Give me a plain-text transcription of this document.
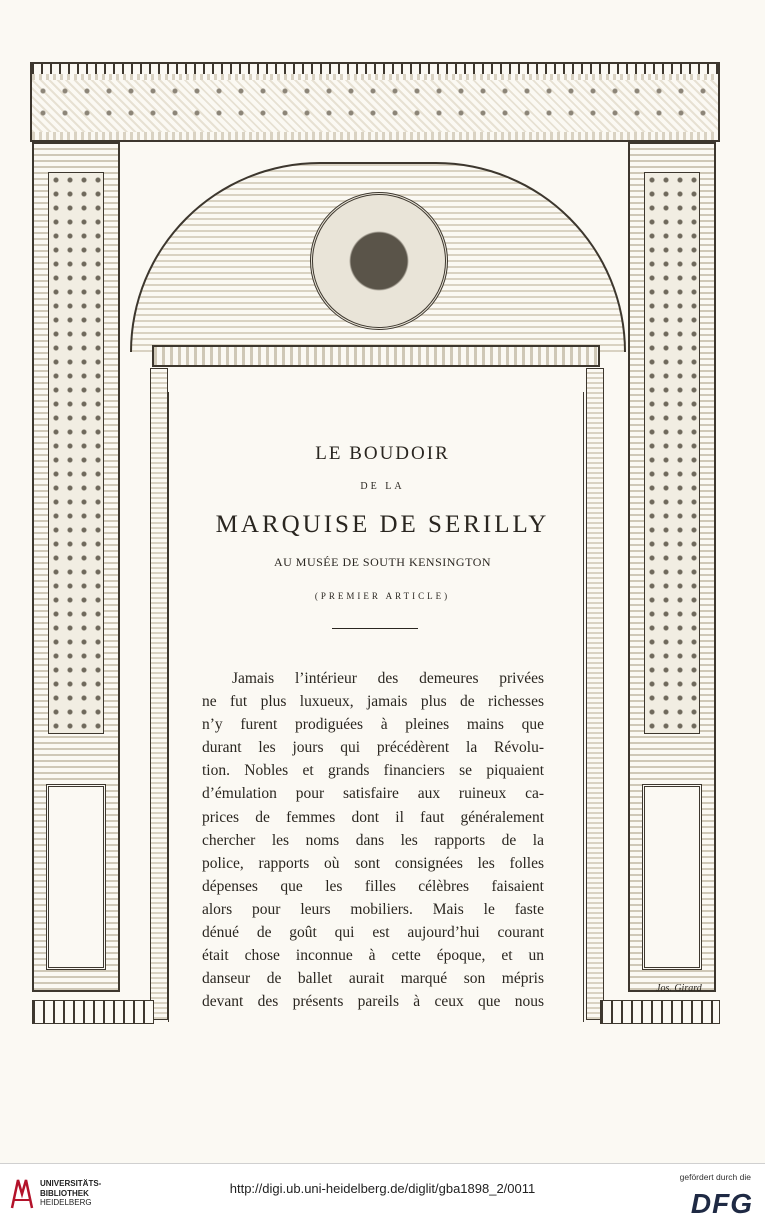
Jos. Girard
LE BOUDOIR
DE LA
MARQUISE DE SERILLY
AU MUSÉE DE SOUTH KENSINGTON
(PREMIER ARTICLE)
Jamais l’intérieur des demeures privées
ne fut plus luxueux, jamais plus de richesses
n’y furent prodiguées à pleines mains que
durant les jours qui précédèrent la Révolu-
tion. Nobles et grands financiers se piquaient
d’émulation pour satisfaire aux ruineux ca-
prices de femmes dont il faut généralement
chercher les noms dans les rapports de la
police, rapports où sont consignées les folles
dépenses que les filles célèbres faisaient
alors pour leurs mobiliers. Mais le faste
dénué de goût qui est aujourd’hui courant
était chose inconnue à cette époque, et un
danseur de ballet aurait marqué son mépris
devant des présents pareils à ceux que nous
UNIVERSITÄTS-
BIBLIOTHEK
HEIDELBERG
http://digi.ub.uni-heidelberg.de/diglit/gba1898_2/0011
gefördert durch die
DFG
